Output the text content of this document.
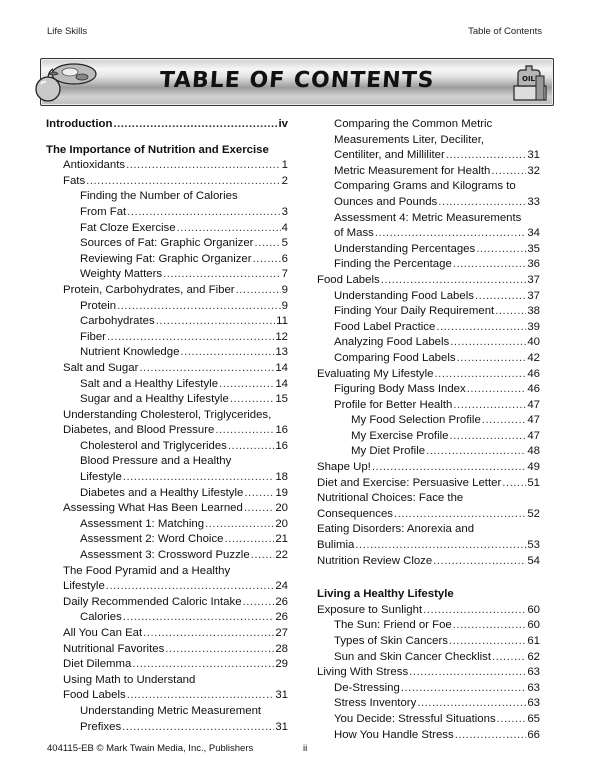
Life Skills	Table of Contents
TABLE OF CONTENTS	OIL
Introduction .....	iv
The Importance of Nutrition and Exercise
Antioxidants .....	1
Fats .....	2
Finding the Number of Calories
From Fat .....	3
Fat Cloze Exercise .....	4
Sources of Fat: Graphic Organizer ..... 5
Reviewing Fat: Graphic Organizer .....	6
Weighty Matters .....	7
Protein, Carbohydrates, and Fiber .....	9
Protein .....	9
Carbohydrates .....	11
Fiber .....	12
Nutrient Knowledge .....	13
Salt and Sugar .....	14
Salt and a Healthy Lifestyle .....	14
Sugar and a Healthy Lifestyle .....	15
Understanding Cholesterol, Triglycerides,
Diabetes, and Blood Pressure .....	16
Cholesterol and Triglycerides .....	16
Blood Pressure and a Healthy
Lifestyle .....	18
Diabetes and a Healthy Lifestyle .....	19
Assessing What Has Been Learned .....	20
Assessment 1: Matching .....	20
Assessment 2: Word Choice .....	21
Assessment 3: Crossword Puzzle ..... 22
The Food Pyramid and a Healthy
Lifestyle .....	24
Daily Recommended Caloric Intake .....	26
Calories .....	26
All You Can Eat .....	27
Nutritional Favorites .....	28
Diet Dilemma .....	29
Using Math to Understand
Food Labels .....	31
Understanding Metric Measurement
Prefixes .....	31
Comparing the Common Metric
Measurements Liter, Deciliter,
Centiliter, and Milliliter .....	31
Metric Measurement for Health .....	32
Comparing Grams and Kilograms to
Ounces and Pounds .....	33
Assessment 4: Metric Measurements
of Mass .....	34
Understanding Percentages .....	35
Finding the Percentage .....	36
Food Labels .....	37
Understanding Food Labels .....	37
Finding Your Daily Requirement .....	38
Food Label Practice .....	39
Analyzing Food Labels .....	40
Comparing Food Labels .....	42
Evaluating My Lifestyle .....	46
Figuring Body Mass Index .....	46
Profile for Better Health .....	47
My Food Selection Profile .....	47
My Exercise Profile .....	47
My Diet Profile .....	48
Shape Up! .....	49
Diet and Exercise: Persuasive Letter ..... 51
Nutritional Choices: Face the
Consequences .....	52
Eating Disorders: Anorexia and
Bulimia .....	53
Nutrition Review Cloze .....	54
Living a Healthy Lifestyle
Exposure to Sunlight .....	60
The Sun: Friend or Foe .....	60
Types of Skin Cancers .....	61
Sun and Skin Cancer Checklist .....	62
Living With Stress .....	63
De-Stressing .....	63
Stress Inventory .....	63
You Decide: Stressful Situations .....	65
How You Handle Stress .....	66
404115-EB © Mark Twain Media, Inc., Publishers	ii
